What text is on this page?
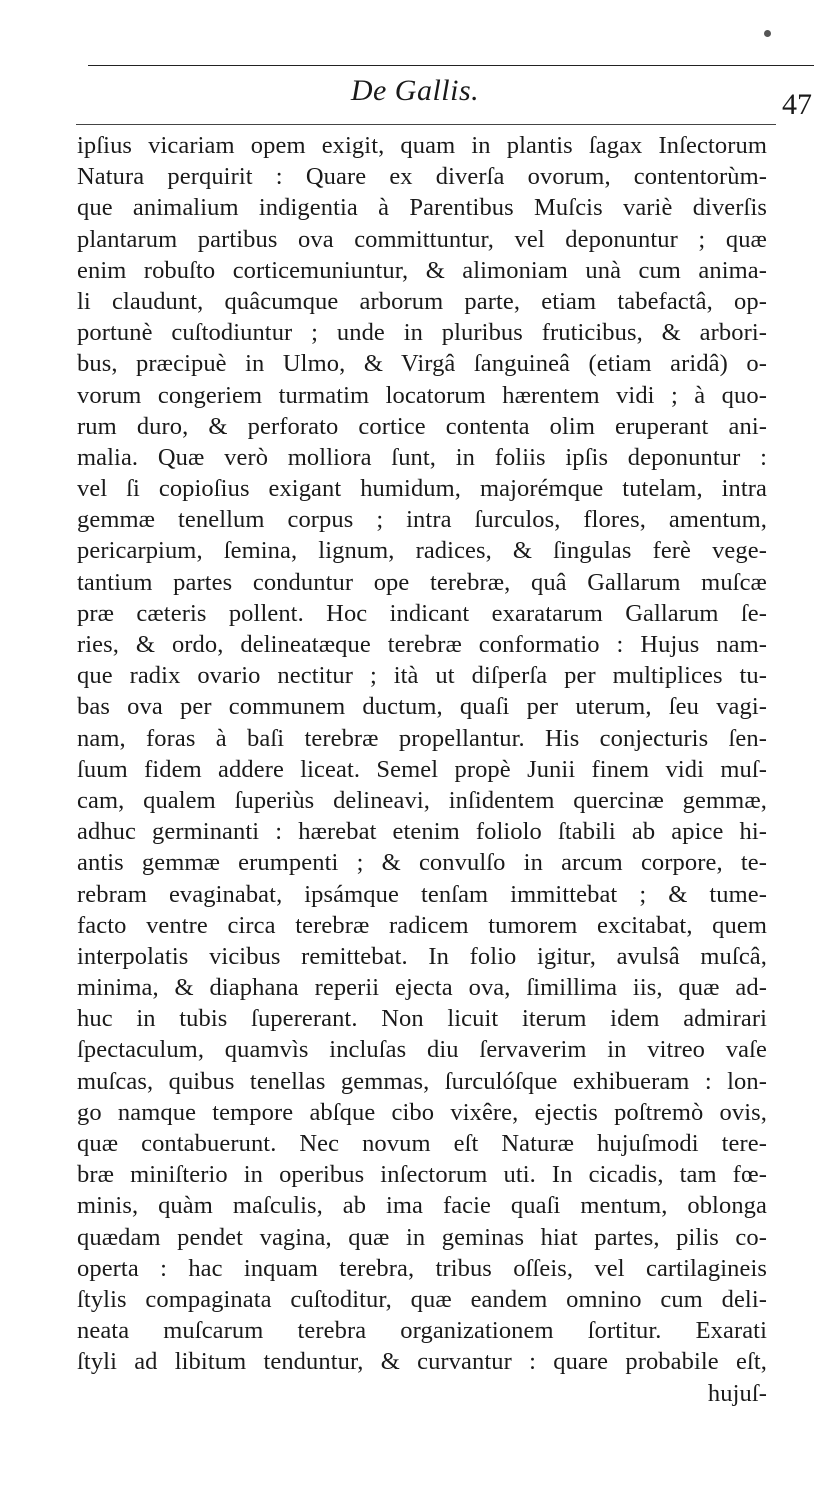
De Gallis.	47
ipſius vicariam opem exigit, quam in plantis ſagax Inſectorum
Natura perquirit : Quare ex diverſa ovorum, contentorùm-
que animalium indigentia à Parentibus Muſcis variè diverſis
plantarum partibus ova committuntur, vel deponuntur ; quæ
enim robuſto corticemuniuntur, & alimoniam unà cum anima-
li claudunt, quâcumque arborum parte, etiam tabefactâ, op-
portunè cuſtodiuntur ; unde in pluribus fruticibus, & arbori-
bus, præcipuè in Ulmo, & Virgâ ſanguineâ (etiam aridâ) o-
vorum congeriem turmatim locatorum hærentem vidi ; à quo-
rum duro, & perforato cortice contenta olim eruperant ani-
malia. Quæ verò molliora ſunt, in foliis ipſis deponuntur :
vel ſi copioſius exigant humidum, majorémque tutelam, intra
gemmæ tenellum corpus ; intra ſurculos, flores, amentum,
pericarpium, ſemina, lignum, radices, & ſingulas ferè vege-
tantium partes conduntur ope terebræ, quâ Gallarum muſcæ
præ cæteris pollent. Hoc indicant exaratarum Gallarum ſe-
ries, & ordo, delineatæque terebræ conformatio : Hujus nam-
que radix ovario nectitur ; ità ut diſperſa per multiplices tu-
bas ova per communem ductum, quaſi per uterum, ſeu vagi-
nam, foras à baſi terebræ propellantur. His conjecturis ſen-
ſuum fidem addere liceat. Semel propè Junii finem vidi muſ-
cam, qualem ſuperiùs delineavi, inſidentem quercinæ gemmæ,
adhuc germinanti : hærebat etenim foliolo ſtabili ab apice hi-
antis gemmæ erumpenti ; & convulſo in arcum corpore, te-
rebram evaginabat, ipsámque tenſam immittebat ; & tume-
facto ventre circa terebræ radicem tumorem excitabat, quem
interpolatis vicibus remittebat. In folio igitur, avulsâ muſcâ,
minima, & diaphana reperii ejecta ova, ſimillima iis, quæ ad-
huc in tubis ſupererant. Non licuit iterum idem admirari
ſpectaculum, quamvìs incluſas diu ſervaverim in vitreo vaſe
muſcas, quibus tenellas gemmas, ſurculóſque exhibueram : lon-
go namque tempore abſque cibo vixêre, ejectis poſtremò ovis,
quæ contabuerunt. Nec novum eſt Naturæ hujuſmodi tere-
bræ miniſterio in operibus inſectorum uti. In cicadis, tam fœ-
minis, quàm maſculis, ab ima facie quaſi mentum, oblonga
quædam pendet vagina, quæ in geminas hiat partes, pilis co-
operta : hac inquam terebra, tribus oſſeis, vel cartilagineis
ſtylis compaginata cuſtoditur, quæ eandem omnino cum deli-
neata muſcarum terebra organizationem ſortitur. Exarati
ſtyli ad libitum tenduntur, & curvantur : quare probabile eſt,
hujuſ-
